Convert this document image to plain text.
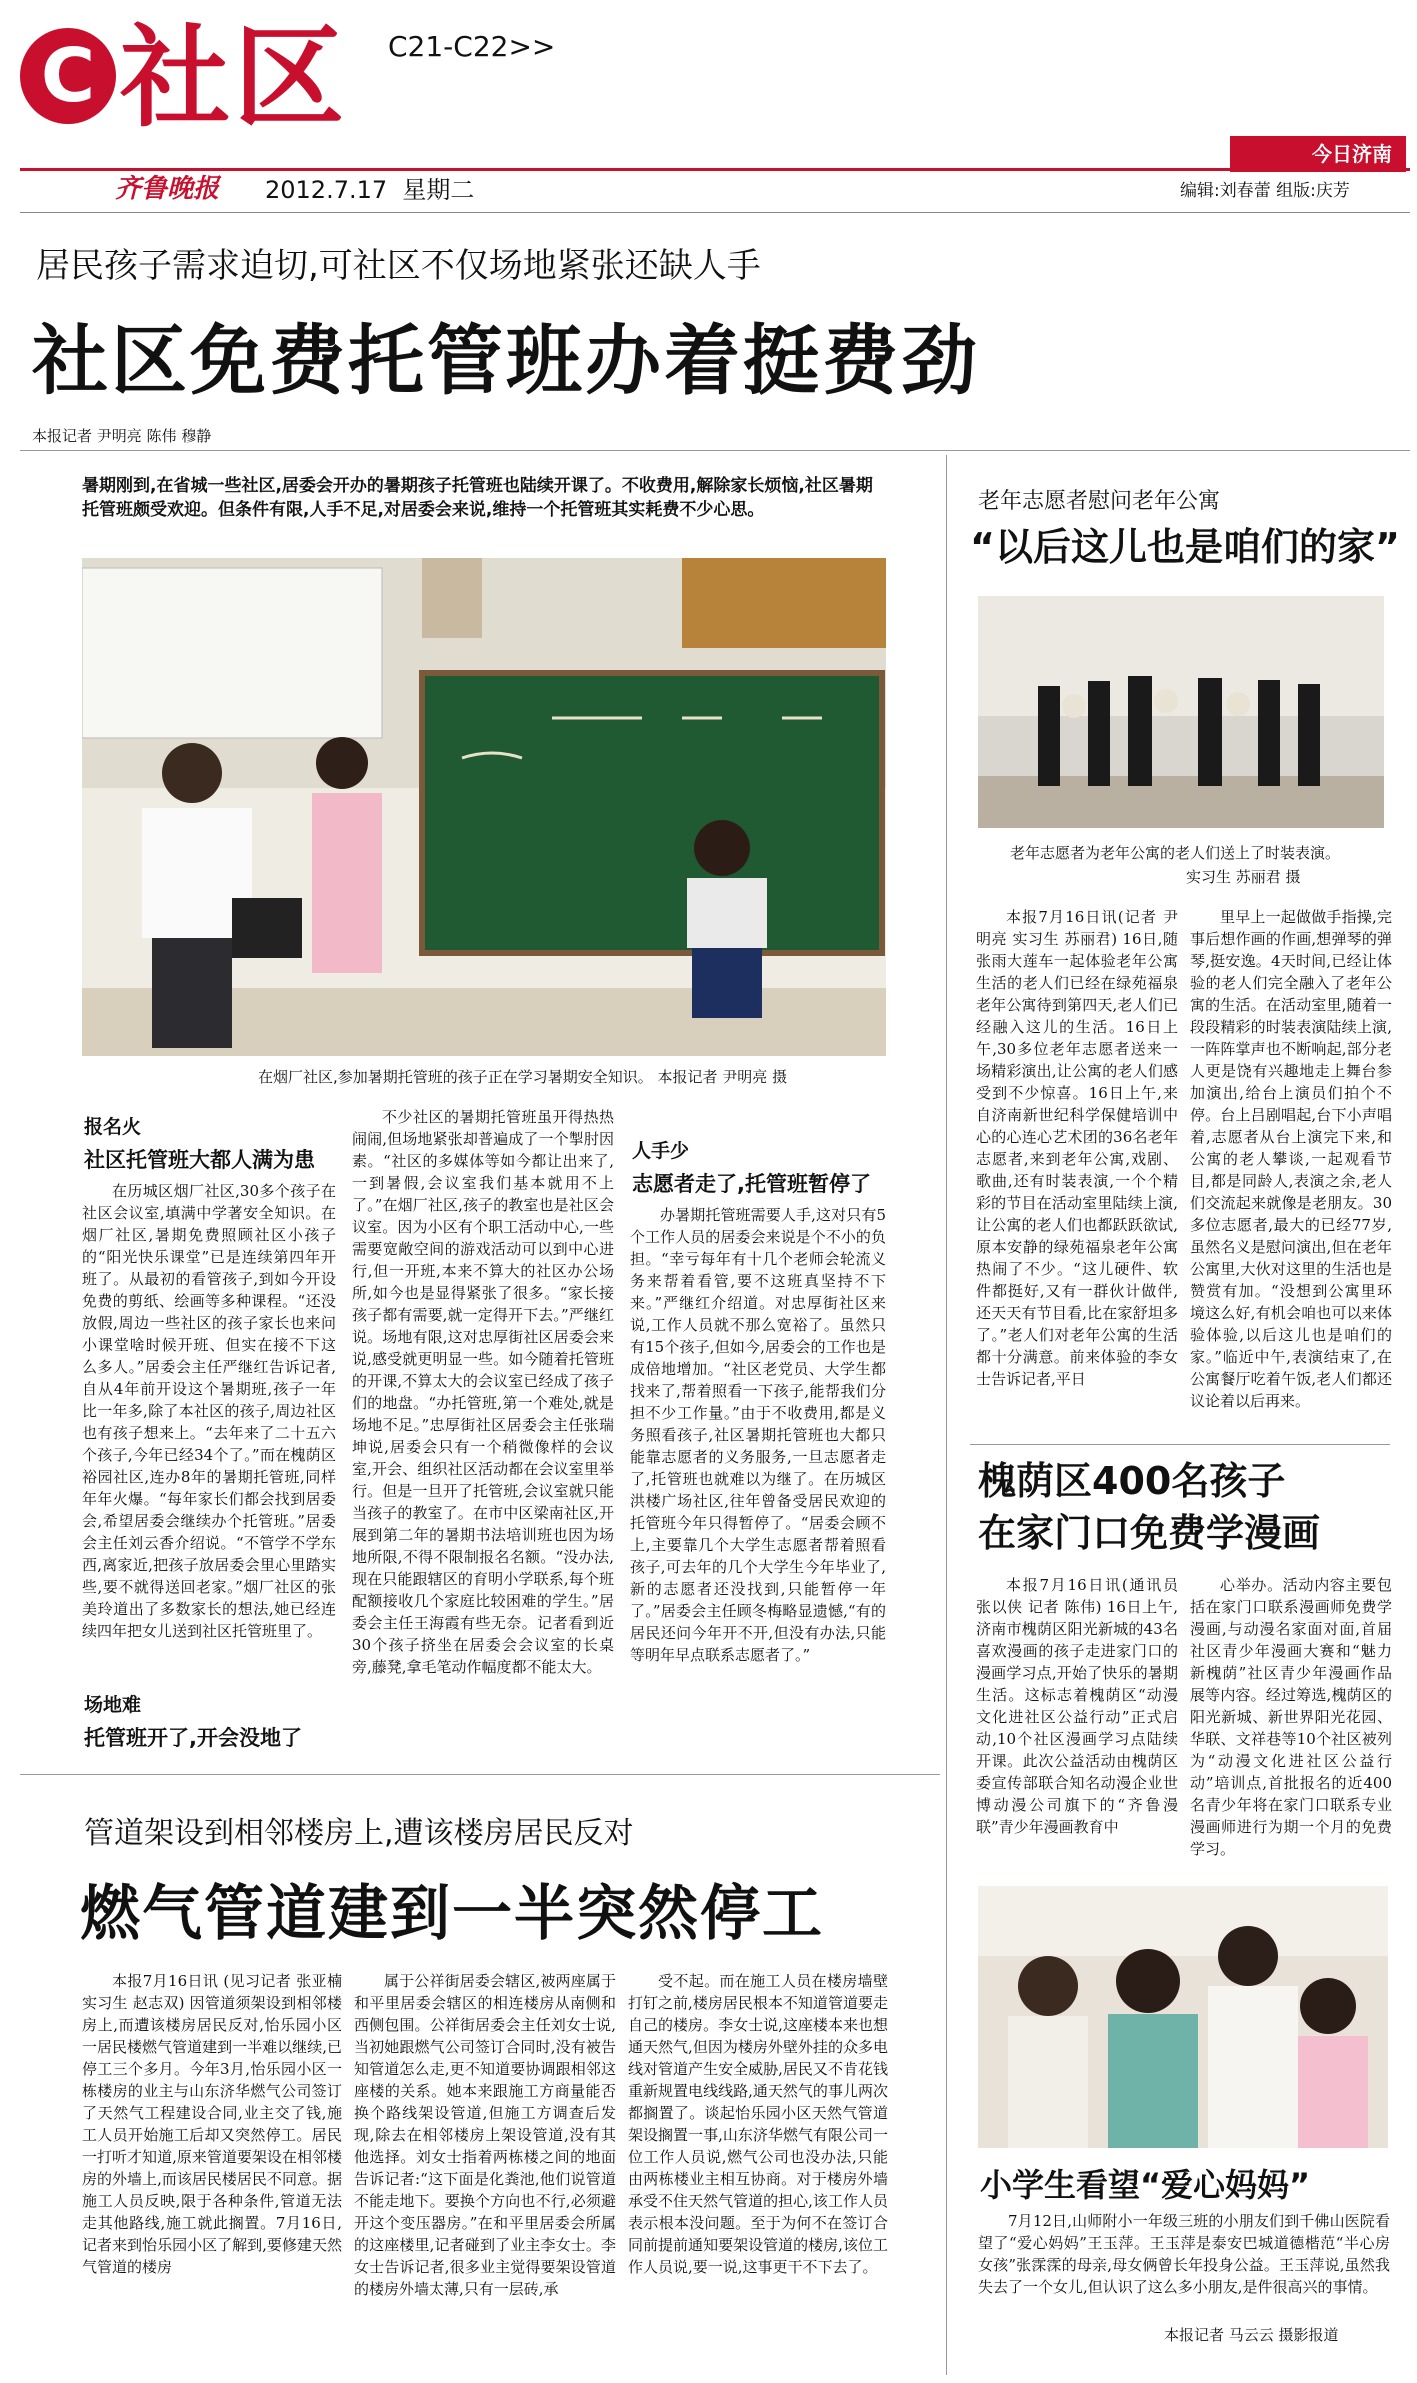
C 社区 C21-C22>>
今日济南
齐鲁晚报 2012.7.17 星期二	编辑:刘春蕾 组版:庆芳
居民孩子需求迫切,可社区不仅场地紧张还缺人手
社区免费托管班办着挺费劲
本报记者 尹明亮 陈伟 穆静
暑期刚到,在省城一些社区,居委会开办的暑期孩子托管班也陆续开课了。不收费用,解除家长烦恼,社区暑期托管班颇受欢迎。但条件有限,人手不足,对居委会来说,维持一个托管班其实耗费不少心思。
在烟厂社区,参加暑期托管班的孩子正在学习暑期安全知识。 本报记者 尹明亮 摄
报名火
社区托管班大都人满为患

在历城区烟厂社区,30多个孩子在社区会议室,填满中学著安全知识。在烟厂社区,暑期免费照顾社区小孩子的“阳光快乐课堂”已是连续第四年开班了。从最初的看管孩子,到如今开设免费的剪纸、绘画等多种课程。“还没放假,周边一些社区的孩子家长也来问小课堂啥时候开班、但实在接不下这么多人。”居委会主任严继红告诉记者,自从4年前开设这个暑期班,孩子一年比一年多,除了本社区的孩子,周边社区也有孩子想来上。“去年来了二十五六个孩子,今年已经34个了。”而在槐荫区裕园社区,连办8年的暑期托管班,同样年年火爆。“每年家长们都会找到居委会,希望居委会继续办个托管班。”居委会主任刘云香介绍说。“不管学不学东西,离家近,把孩子放居委会里心里踏实些,要不就得送回老家。”烟厂社区的张美玲道出了多数家长的想法,她已经连续四年把女儿送到社区托管班里了。

场地难
托管班开了,开会没地了

不少社区的暑期托管班虽开得热热闹闹,但场地紧张却普遍成了一个掣肘因素。“社区的多媒体等如今都让出来了,一到暑假,会议室我们基本就用不上了。”在烟厂社区,孩子的教室也是社区会议室。因为小区有个职工活动中心,一些需要宽敞空间的游戏活动可以到中心进行,但一开班,本来不算大的社区办公场所,如今也是显得紧张了很多。“家长接孩子都有需要,就一定得开下去。”严继红说。场地有限,这对忠厚街社区居委会来说,感受就更明显一些。如今随着托管班的开课,不算太大的会议室已经成了孩子们的地盘。“办托管班,第一个难处,就是场地不足。”忠厚街社区居委会主任张瑞坤说,居委会只有一个稍微像样的会议室,开会、组织社区活动都在会议室里举行。但是一旦开了托管班,会议室就只能当孩子的教室了。在市中区梁南社区,开展到第二年的暑期书法培训班也因为场地所限,不得不限制报名名额。“没办法,现在只能跟辖区的育明小学联系,每个班配额接收几个家庭比较困难的学生。”居委会主任王海霞有些无奈。记者看到近30个孩子挤坐在居委会会议室的长桌旁,藤凳,拿毛笔动作幅度都不能太大。

人手少
志愿者走了,托管班暂停了

办暑期托管班需要人手,这对只有5个工作人员的居委会来说是个不小的负担。“幸亏每年有十几个老师会轮流义务来帮着看管,要不这班真坚持不下来。”严继红介绍道。对忠厚街社区来说,工作人员就不那么宽裕了。虽然只有15个孩子,但如今,居委会的工作也是成倍地增加。“社区老党员、大学生都找来了,帮着照看一下孩子,能帮我们分担不少工作量。”由于不收费用,都是义务照看孩子,社区暑期托管班也大都只能靠志愿者的义务服务,一旦志愿者走了,托管班也就难以为继了。在历城区洪楼广场社区,往年曾备受居民欢迎的托管班今年只得暂停了。“居委会顾不上,主要靠几个大学生志愿者帮着照看孩子,可去年的几个大学生今年毕业了,新的志愿者还没找到,只能暂停一年了。”居委会主任顾冬梅略显遗憾,“有的居民还问今年开不开,但没有办法,只能等明年早点联系志愿者了。”

老年志愿者慰问老年公寓
“以后这儿也是咱们的家”
老年志愿者为老年公寓的老人们送上了时装表演。
实习生 苏丽君 摄

本报7月16日讯(记者 尹明亮 实习生 苏丽君) 16日,随张雨大莲车一起体验老年公寓生活的老人们已经在绿苑福泉老年公寓待到第四天,老人们已经融入这儿的生活。16日上午,30多位老年志愿者送来一场精彩演出,让公寓的老人们感受到不少惊喜。16日上午,来自济南新世纪科学保健培训中心的心连心艺术团的36名老年志愿者,来到老年公寓,戏剧、歌曲,还有时装表演,一个个精彩的节目在活动室里陆续上演,让公寓的老人们也都跃跃欲试,原本安静的绿苑福泉老年公寓热闹了不少。“这儿硬件、软件都挺好,又有一群伙计做伴,还天天有节目看,比在家舒坦多了。”老人们对老年公寓的生活都十分满意。前来体验的李女士告诉记者,平日

里早上一起做做手指操,完事后想作画的作画,想弹琴的弹琴,挺安逸。4天时间,已经让体验的老人们完全融入了老年公寓的生活。在活动室里,随着一段段精彩的时装表演陆续上演,一阵阵掌声也不断响起,部分老人更是饶有兴趣地走上舞台参加演出,给台上演员们拍个不停。台上吕剧唱起,台下小声唱着,志愿者从台上演完下来,和公寓的老人攀谈,一起观看节目,都是同龄人,表演之余,老人们交流起来就像是老朋友。30多位志愿者,最大的已经77岁,虽然名义是慰问演出,但在老年公寓里,大伙对这里的生活也是赞赏有加。“没想到公寓里环境这么好,有机会咱也可以来体验体验,以后这儿也是咱们的家。”临近中午,表演结束了,在公寓餐厅吃着午饭,老人们都还议论着以后再来。

槐荫区400名孩子
在家门口免费学漫画

本报7月16日讯(通讯员 张以侠 记者 陈伟) 16日上午,济南市槐荫区阳光新城的43名喜欢漫画的孩子走进家门口的漫画学习点,开始了快乐的暑期生活。这标志着槐荫区“动漫文化进社区公益行动”正式启动,10个社区漫画学习点陆续开课。此次公益活动由槐荫区委宣传部联合知名动漫企业世博动漫公司旗下的“齐鲁漫联”青少年漫画教育中

心举办。活动内容主要包括在家门口联系漫画师免费学漫画,与动漫名家面对面,首届社区青少年漫画大赛和“魅力新槐荫”社区青少年漫画作品展等内容。经过筹选,槐荫区的阳光新城、新世界阳光花园、华联、文祥巷等10个社区被列为“动漫文化进社区公益行动”培训点,首批报名的近400名青少年将在家门口联系专业漫画师进行为期一个月的免费学习。

小学生看望“爱心妈妈”

7月12日,山师附小一年级三班的小朋友们到千佛山医院看望了“爱心妈妈”王玉萍。王玉萍是泰安巴城道德楷范“半心房女孩”张霂霂的母亲,母女俩曾长年投身公益。王玉萍说,虽然我失去了一个女儿,但认识了这么多小朋友,是件很高兴的事情。

本报记者 马云云 摄影报道
管道架设到相邻楼房上,遭该楼房居民反对
燃气管道建到一半突然停工

本报7月16日讯 (见习记者 张亚楠 实习生 赵志双) 因管道须架设到相邻楼房上,而遭该楼房居民反对,怡乐园小区一居民楼燃气管道建到一半难以继续,已停工三个多月。今年3月,怡乐园小区一栋楼房的业主与山东济华燃气公司签订了天然气工程建设合同,业主交了钱,施工人员开始施工后却又突然停工。居民一打听才知道,原来管道要架设在相邻楼房的外墙上,而该居民楼居民不同意。据施工人员反映,限于各种条件,管道无法走其他路线,施工就此搁置。7月16日,记者来到怡乐园小区了解到,要修建天然气管道的楼房

属于公祥街居委会辖区,被两座属于和平里居委会辖区的相连楼房从南侧和西侧包围。公祥街居委会主任刘女士说,当初她跟燃气公司签订合同时,没有被告知管道怎么走,更不知道要协调跟相邻这座楼的关系。她本来跟施工方商量能否换个路线架设管道,但施工方调查后发现,除去在相邻楼房上架设管道,没有其他选择。刘女士指着两栋楼之间的地面告诉记者:“这下面是化粪池,他们说管道不能走地下。要换个方向也不行,必须避开这个变压器房。”在和平里居委会所属的这座楼里,记者碰到了业主李女士。李女士告诉记者,很多业主觉得要架设管道的楼房外墙太薄,只有一层砖,承

受不起。而在施工人员在楼房墙壁打钉之前,楼房居民根本不知道管道要走自己的楼房。李女士说,这座楼本来也想通天然气,但因为楼房外壁外挂的众多电线对管道产生安全威胁,居民又不肯花钱重新规置电线线路,通天然气的事儿两次都搁置了。谈起怡乐园小区天然气管道架设搁置一事,山东济华燃气有限公司一位工作人员说,燃气公司也没办法,只能由两栋楼业主相互协商。对于楼房外墙承受不住天然气管道的担心,该工作人员表示根本没问题。至于为何不在签订合同前提前通知要架设管道的楼房,该位工作人员说,要一说,这事更干不下去了。
